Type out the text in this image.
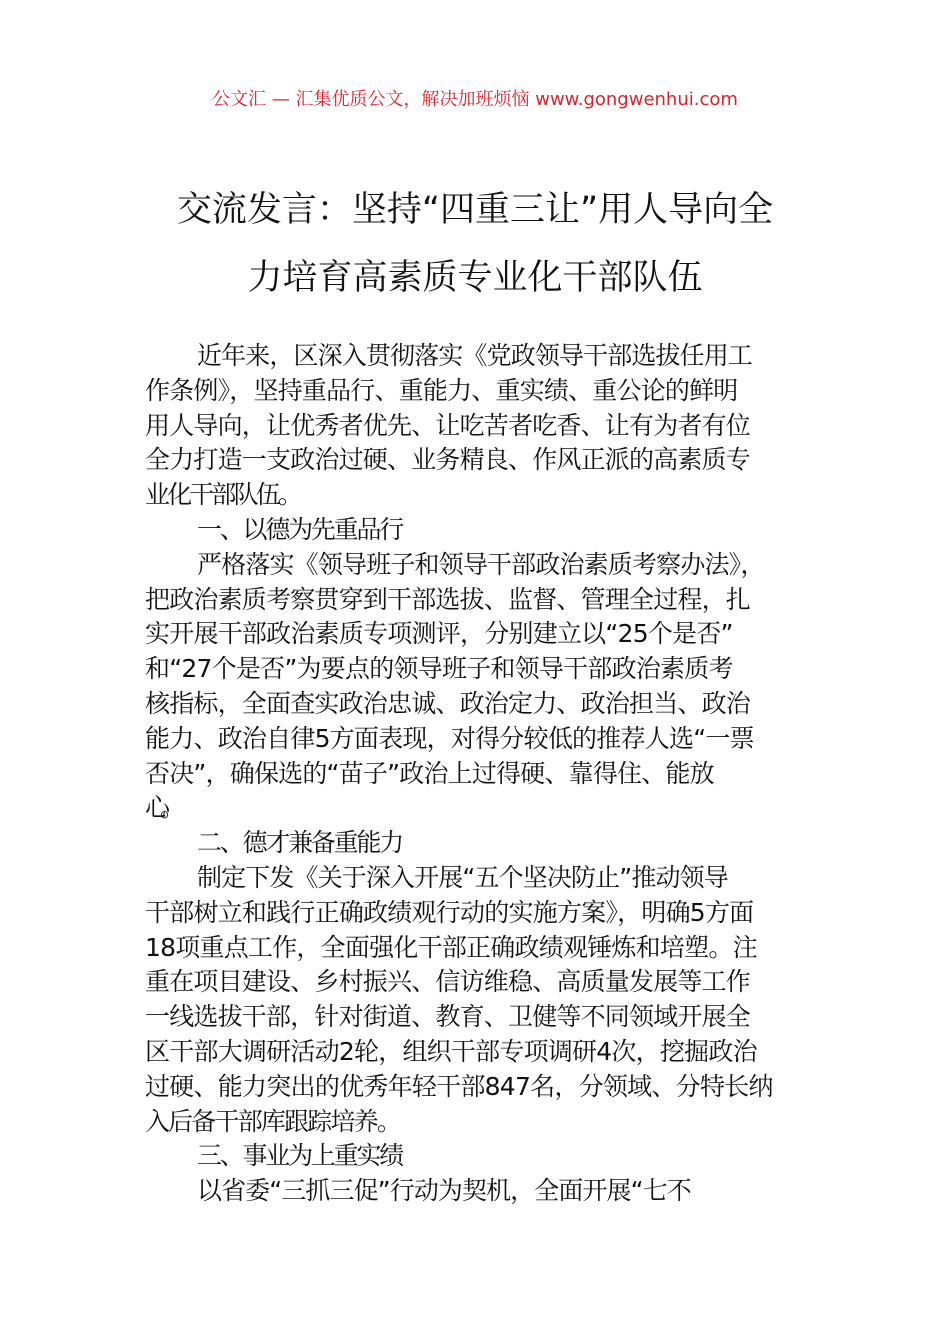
公文汇 — 汇集优质公文，解决加班烦恼 www.gongwenhui.com
交流发言：坚持“四重三让”用人导向全
力培育高素质专业化干部队伍
近年来，区深入贯彻落实《党政领导干部选拔任用工
作条例》，坚持重品行、重能力、重实绩、重公论的鲜明
用人导向，让优秀者优先、让吃苦者吃香、让有为者有位
全力打造一支政治过硬、业务精良、作风正派的高素质专
业化干部队伍。
一、以德为先重品行
严格落实《领导班子和领导干部政治素质考察办法》，
把政治素质考察贯穿到干部选拔、监督、管理全过程，扎
实开展干部政治素质专项测评，分别建立以“25个是否”
和“27个是否”为要点的领导班子和领导干部政治素质考
核指标，全面查实政治忠诚、政治定力、政治担当、政治
能力、政治自律5方面表现，对得分较低的推荐人选“一票
否决”，确保选的“苗子”政治上过得硬、靠得住、能放
心。
二、德才兼备重能力
制定下发《关于深入开展“五个坚决防止”推动领导
干部树立和践行正确政绩观行动的实施方案》，明确5方面
18项重点工作，全面强化干部正确政绩观锤炼和培塑。注
重在项目建设、乡村振兴、信访维稳、高质量发展等工作
一线选拔干部，针对街道、教育、卫健等不同领域开展全
区干部大调研活动2轮，组织干部专项调研4次，挖掘政治
过硬、能力突出的优秀年轻干部847名，分领域、分特长纳
入后备干部库跟踪培养。
三、事业为上重实绩
以省委“三抓三促”行动为契机，全面开展“七不
